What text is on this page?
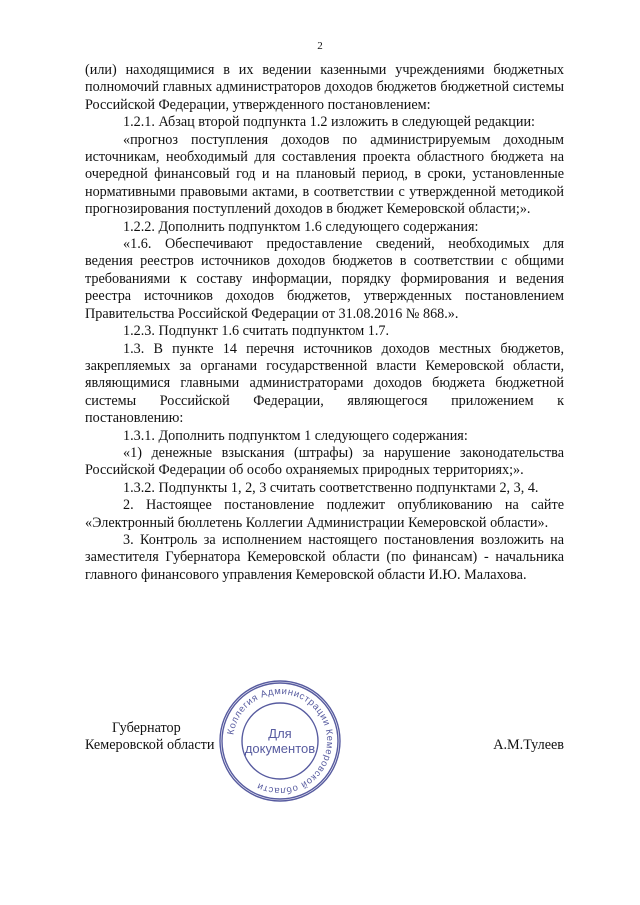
2

(или) находящимися в их ведении казенными учреждениями бюджетных полномочий главных администраторов доходов бюджетов бюджетной системы Российской Федерации, утвержденного постановлением:

1.2.1. Абзац второй подпункта 1.2 изложить в следующей редакции:

«прогноз поступления доходов по администрируемым доходным источникам, необходимый для составления проекта областного бюджета на очередной финансовый год и на плановый период, в сроки, установленные нормативными правовыми актами, в соответствии с утвержденной методикой прогнозирования поступлений доходов в бюджет Кемеровской области;».

1.2.2. Дополнить подпунктом 1.6 следующего содержания:

«1.6. Обеспечивают предоставление сведений, необходимых для ведения реестров источников доходов бюджетов в соответствии с общими требованиями к составу информации, порядку формирования и ведения реестра источников доходов бюджетов, утвержденных постановлением Правительства Российской Федерации от 31.08.2016 № 868.».

1.2.3. Подпункт 1.6 считать подпунктом 1.7.

1.3. В пункте 14 перечня источников доходов местных бюджетов, закрепляемых за органами государственной власти Кемеровской области, являющимися главными администраторами доходов бюджета бюджетной системы Российской Федерации, являющегося приложением к постановлению:

1.3.1. Дополнить подпунктом 1 следующего содержания:

«1) денежные взыскания (штрафы) за нарушение законодательства Российской Федерации об особо охраняемых природных территориях;».

1.3.2. Подпункты 1, 2, 3 считать соответственно подпунктами 2, 3, 4.

2. Настоящее постановление подлежит опубликованию на сайте «Электронный бюллетень Коллегии Администрации Кемеровской области».

3. Контроль за исполнением настоящего постановления возложить на заместителя Губернатора Кемеровской области (по финансам) - начальника главного финансового управления Кемеровской области И.Ю. Малахова.

Коллегия Администрации Кемеровской области
Для
документов
Губернатор
Кемеровской области	А.М.Тулеев
